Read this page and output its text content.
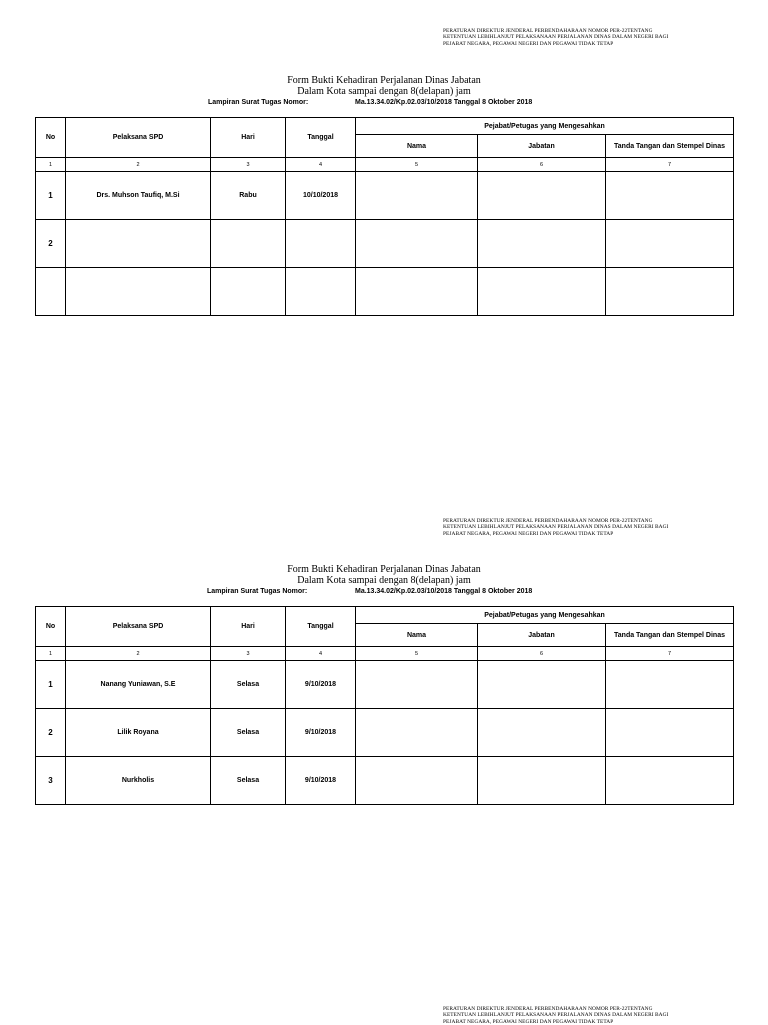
PERATURAN DIREKTUR JENDERAL PERBENDAHARAAN NOMOR PER-22TENTANG
KETENTUAN LEBIHLANJUT PELAKSANAAN PERJALANAN DINAS DALAM NEGERI BAGI
PEJABAT NEGARA, PEGAWAI NEGERI DAN PEGAWAI TIDAK TETAP
Form Bukti Kehadiran Perjalanan Dinas Jabatan
Dalam Kota sampai dengan 8(delapan) jam
Lampiran Surat Tugas Nomor:	Ma.13.34.02/Kp.02.03/10/2018 Tanggal 8 Oktober 2018
No	Pelaksana SPD	Hari	Tanggal	Pejabat/Petugas yang Mengesahkan		
				Nama	Jabatan	Tanda Tangan dan Stempel Dinas
1	2	3	4	5	6	7
1	Drs. Muhson Taufiq, M.Si	Rabu	10/10/2018			
2						

PERATURAN DIREKTUR JENDERAL PERBENDAHARAAN NOMOR PER-22TENTANG
KETENTUAN LEBIHLANJUT PELAKSANAAN PERJALANAN DINAS DALAM NEGERI BAGI
PEJABAT NEGARA, PEGAWAI NEGERI DAN PEGAWAI TIDAK TETAP
Form Bukti Kehadiran Perjalanan Dinas Jabatan
Dalam Kota sampai dengan 8(delapan) jam
Lampiran Surat Tugas Nomor:	Ma.13.34.02/Kp.02.03/10/2018 Tanggal 8 Oktober 2018
No	Pelaksana SPD	Hari	Tanggal	Pejabat/Petugas yang Mengesahkan		
				Nama	Jabatan	Tanda Tangan dan Stempel Dinas
1	2	3	4	5	6	7
1	Nanang Yuniawan, S.E	Selasa	9/10/2018			
2	Lilik Royana	Selasa	9/10/2018			
3	Nurkholis	Selasa	9/10/2018			
PERATURAN DIREKTUR JENDERAL PERBENDAHARAAN NOMOR PER-22TENTANG
KETENTUAN LEBIHLANJUT PELAKSANAAN PERJALANAN DINAS DALAM NEGERI BAGI
PEJABAT NEGARA, PEGAWAI NEGERI DAN PEGAWAI TIDAK TETAP
